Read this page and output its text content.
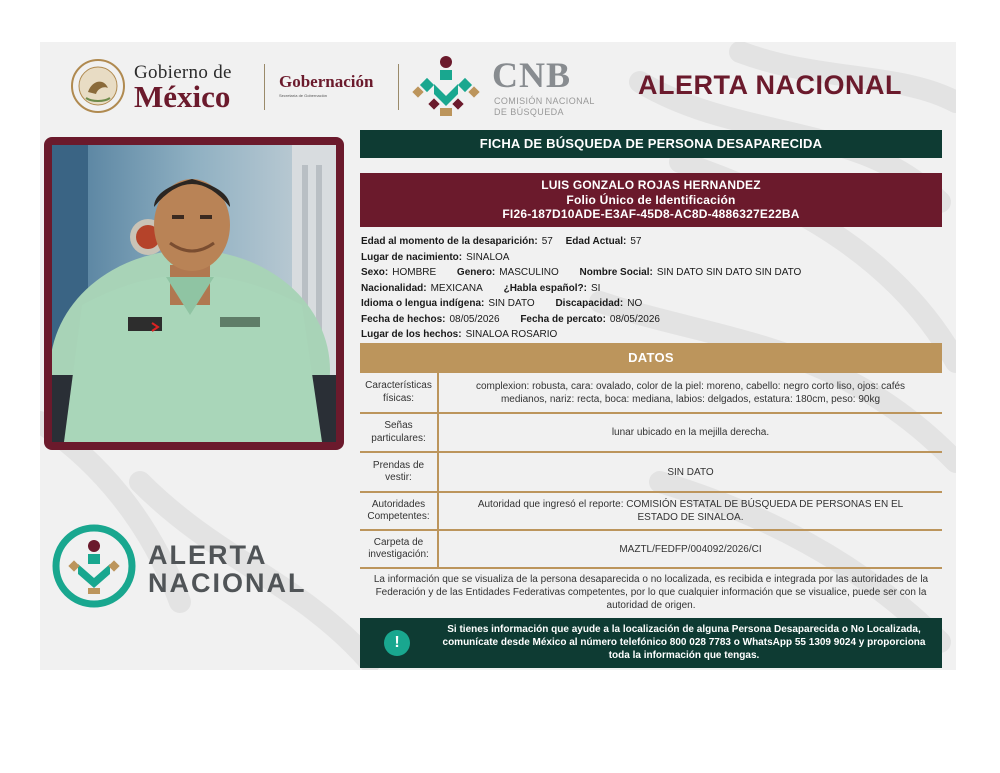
Gobierno de
México	Gobernación
Secretaría de Gobernación
CNB
COMISIÓN NACIONAL DE BÚSQUEDA
ALERTA NACIONAL
ALERTA
NACIONAL
FICHA DE BÚSQUEDA DE PERSONA DESAPARECIDA
LUIS GONZALO ROJAS HERNANDEZ
Folio Único de Identificación
FI26-187D10ADE-E3AF-45D8-AC8D-4886327E22BA
Edad al momento de la desaparición: 57 Edad Actual: 57
Lugar de nacimiento: SINALOA
Sexo: HOMBRE Genero: MASCULINO Nombre Social: SIN DATO SIN DATO SIN DATO
Nacionalidad: MEXICANA ¿Habla español?: SI
Idioma o lengua indígena: SIN DATO Discapacidad: NO
Fecha de hechos: 08/05/2026 Fecha de percato: 08/05/2026
Lugar de los hechos: SINALOA ROSARIO
DATOS
Características físicas:
complexion: robusta, cara: ovalado, color de la piel: moreno, cabello: negro corto liso, ojos: cafés medianos, nariz: recta, boca: mediana, labios: delgados, estatura: 180cm, peso: 90kg
Señas particulares:	lunar ubicado en la mejilla derecha.
Prendas de vestir:	SIN DATO
Autoridades Competentes:
Autoridad que ingresó el reporte: COMISIÓN ESTATAL DE BÚSQUEDA DE PERSONAS EN EL ESTADO DE SINALOA.
Carpeta de investigación:	MAZTL/FEDFP/004092/2026/CI
La información que se visualiza de la persona desaparecida o no localizada, es recibida e integrada por las autoridades de la Federación y de las Entidades Federativas competentes, por lo que cualquier información que se visualice, puede ser con la autoridad de origen.
!
Si tienes información que ayude a la localización de alguna Persona Desaparecida o No Localizada, comunícate desde México al número telefónico 800 028 7783 o WhatsApp 55 1309 9024 y proporciona toda la información que tengas.
